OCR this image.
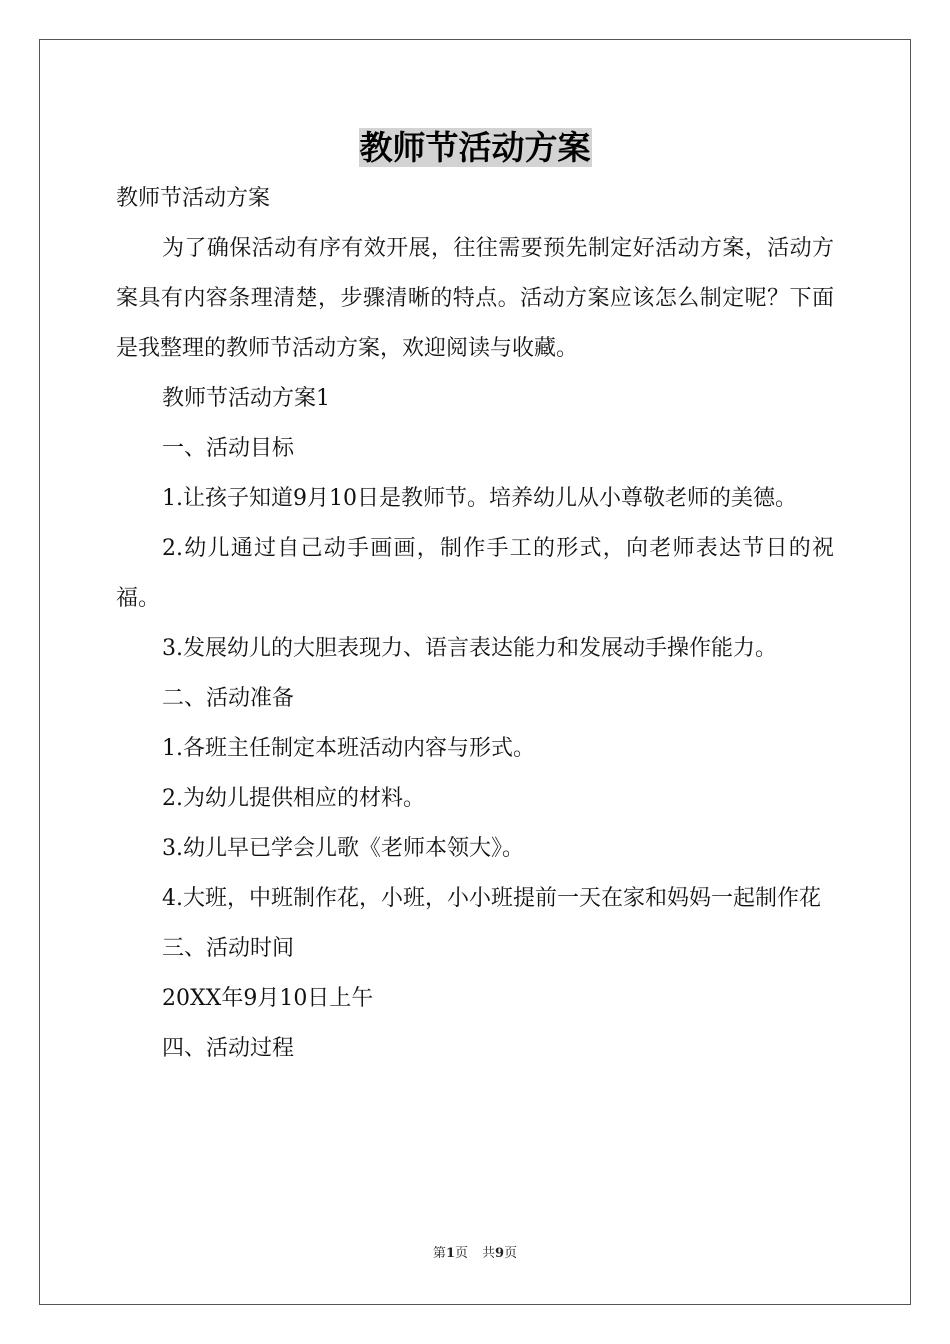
教师节活动方案

教师节活动方案

为了确保活动有序有效开展，往往需要预先制定好活动方案，活动方案具有内容条理清楚，步骤清晰的特点。活动方案应该怎么制定呢？下面是我整理的教师节活动方案，欢迎阅读与收藏。

教师节活动方案1

一、活动目标

1.让孩子知道9月10日是教师节。培养幼儿从小尊敬老师的美德。

2.幼儿通过自己动手画画，制作手工的形式，向老师表达节日的祝福。

3.发展幼儿的大胆表现力、语言表达能力和发展动手操作能力。

二、活动准备

1.各班主任制定本班活动内容与形式。

2.为幼儿提供相应的材料。

3.幼儿早已学会儿歌《老师本领大》。

4.大班，中班制作花，小班，小小班提前一天在家和妈妈一起制作花

三、活动时间

20XX年9月10日上午

四、活动过程

第1页 共9页
